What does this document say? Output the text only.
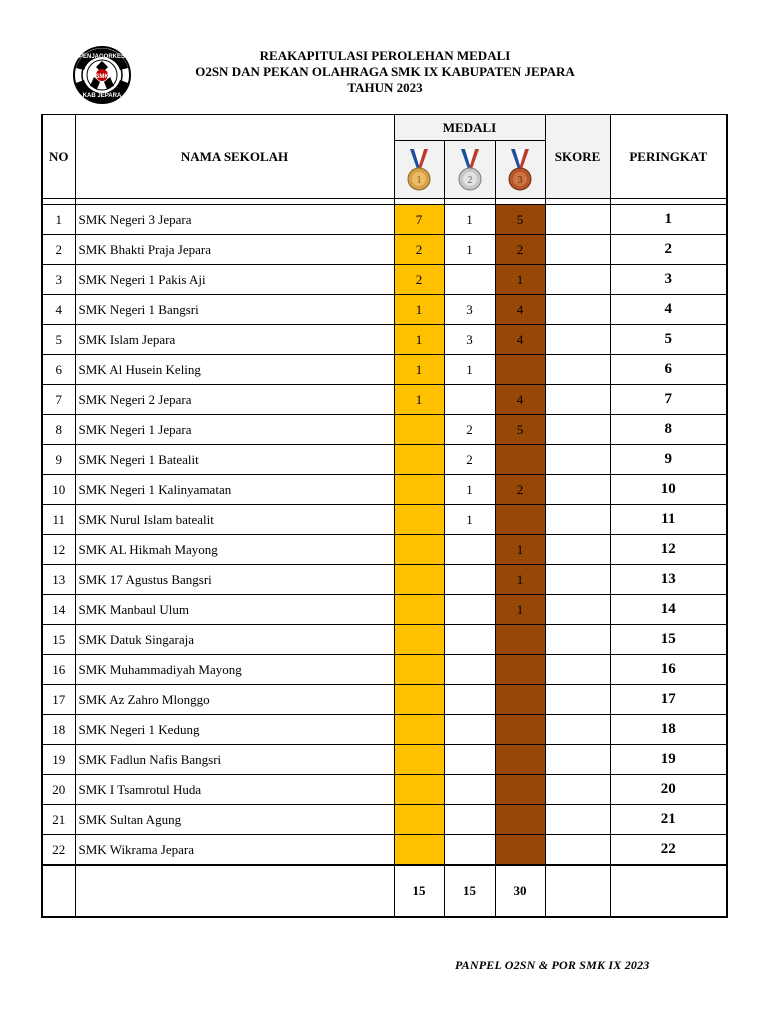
PENJAGORKES
SMK
KAB JEPARA
REAKAPITULASI PEROLEHAN MEDALI
O2SN DAN PEKAN OLAHRAGA SMK IX KABUPATEN JEPARA
TAHUN 2023
NO	NAMA SEKOLAH	MEDALI			SKORE	PERINGKAT

1	2	3		

1	SMK Negeri 3 Jepara	7	1	5		1
2	SMK Bhakti Praja Jepara	2	1	2		2
3	SMK Negeri 1 Pakis Aji	2		1		3
4	SMK Negeri 1 Bangsri	1	3	4		4
5	SMK Islam Jepara	1	3	4		5
6	SMK Al Husein Keling	1	1			6
7	SMK Negeri 2 Jepara	1		4		7
8	SMK Negeri 1 Jepara		2	5		8
9	SMK Negeri 1 Batealit		2			9
10	SMK Negeri 1 Kalinyamatan		1	2		10
11	SMK Nurul Islam batealit		1			11
12	SMK AL Hikmah Mayong			1		12
13	SMK 17 Agustus Bangsri			1		13
14	SMK Manbaul Ulum			1		14
15	SMK Datuk Singaraja					15
16	SMK Muhammadiyah Mayong					16
17	SMK Az Zahro Mlonggo					17
18	SMK Negeri 1 Kedung					18
19	SMK Fadlun Nafis Bangsri					19
20	SMK I Tsamrotul Huda					20
21	SMK Sultan Agung					21
22	SMK Wikrama Jepara					22
		15	15	30		
PANPEL O2SN & POR SMK IX 2023
